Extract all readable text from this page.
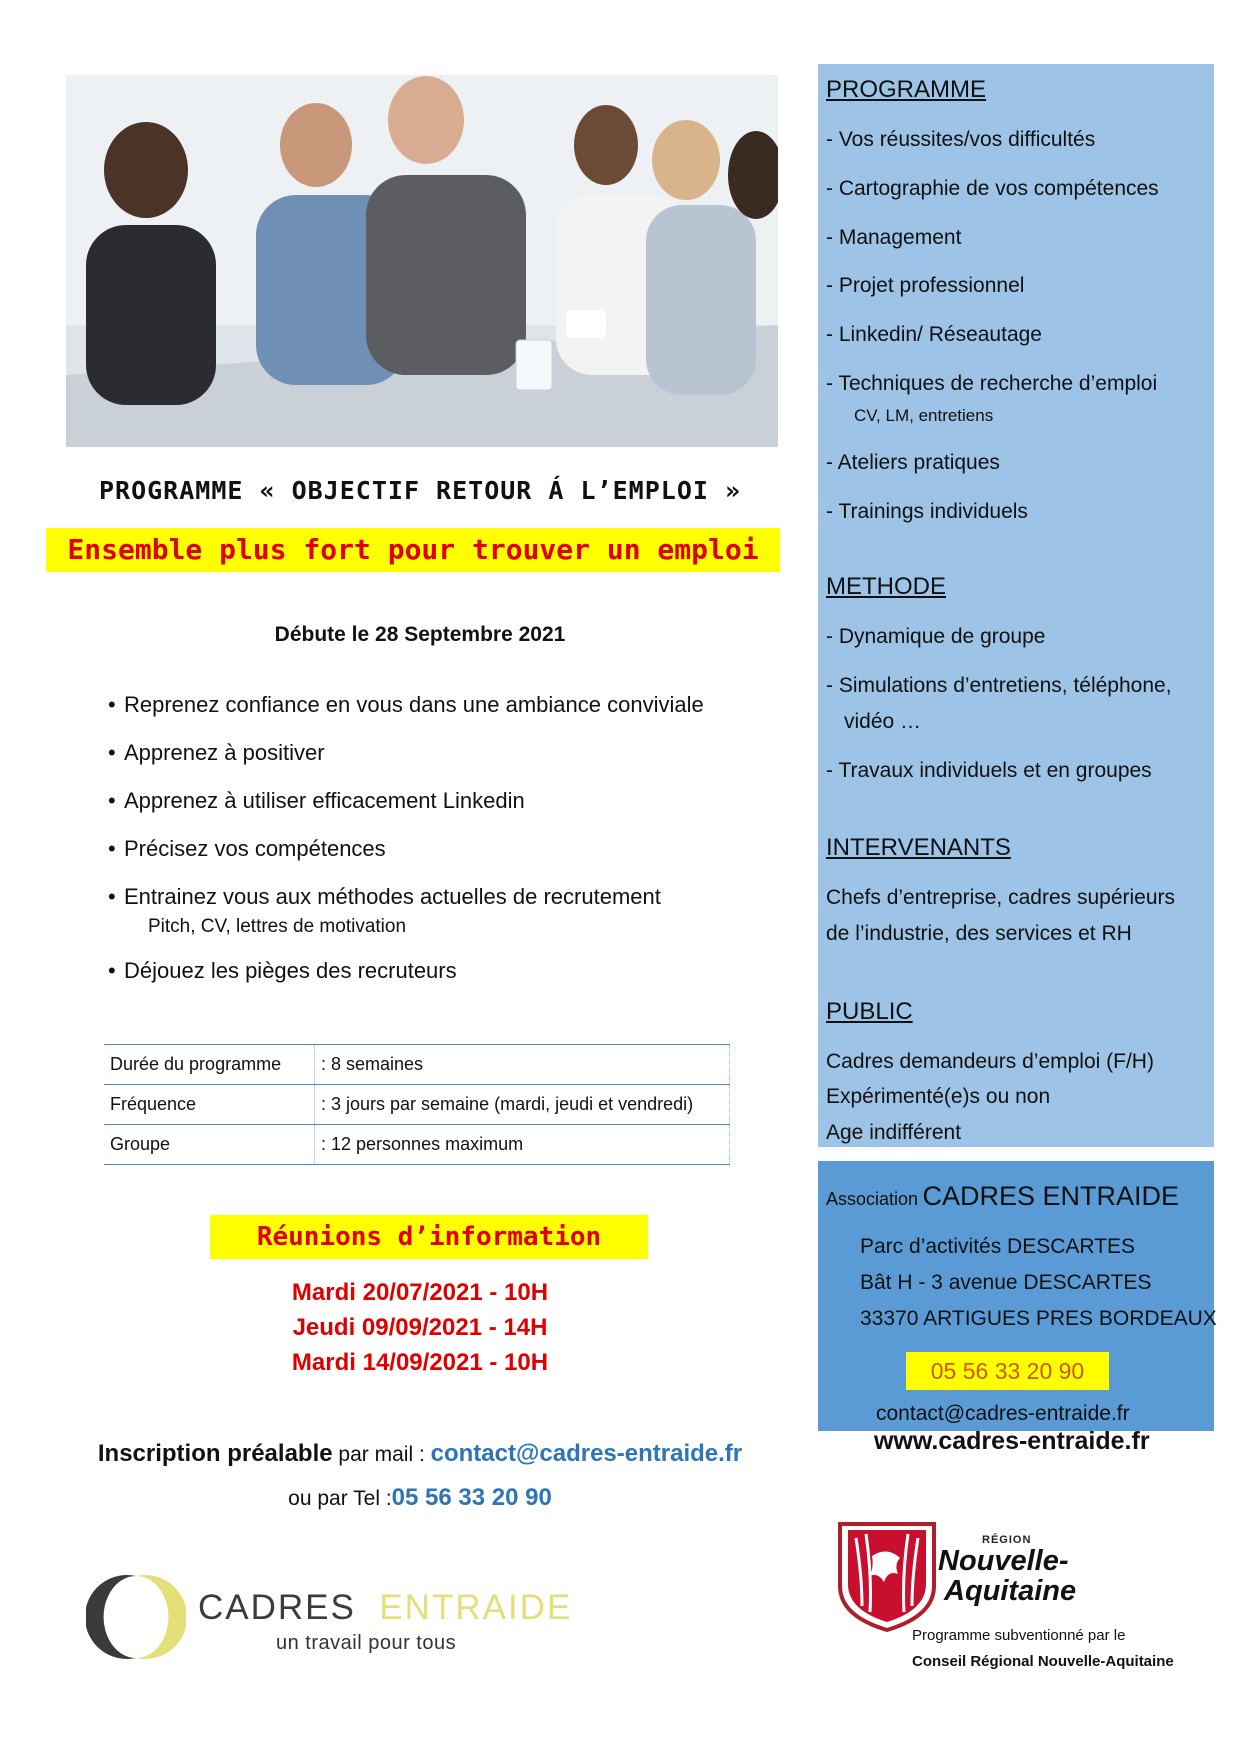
PROGRAMME « OBJECTIF RETOUR Á L’EMPLOI »
Ensemble plus fort pour trouver un emploi
Débute le 28 Septembre 2021
• Reprenez confiance en vous dans une ambiance conviviale
• Apprenez à positiver
• Apprenez à utiliser efficacement Linkedin
• Précisez vos compétences
• Entrainez vous aux méthodes actuelles de recrutement
Pitch, CV, lettres de motivation
• Déjouez les pièges des recruteurs
Durée du programme	: 8 semaines
Fréquence	: 3 jours par semaine (mardi, jeudi et vendredi)
Groupe	: 12 personnes maximum
Réunions d’information
Mardi 20/07/2021 - 10H
Jeudi 09/09/2021 - 14H
Mardi 14/09/2021 - 10H
Inscription préalable par mail : contact@cadres-entraide.fr
ou par Tel :05 56 33 20 90
CADRES ENTRAIDE
un travail pour tous
PROGRAMME
- Vos réussites/vos difficultés
- Cartographie de vos compétences
- Management
- Projet professionnel
- Linkedin/ Réseautage
- Techniques de recherche d’emploi
CV, LM, entretiens
- Ateliers pratiques
- Trainings individuels
METHODE
- Dynamique de groupe
- Simulations d’entretiens, téléphone,
vidéo …
- Travaux individuels et en groupes
INTERVENANTS
Chefs d’entreprise, cadres supérieurs
de l’industrie, des services et RH
PUBLIC
Cadres demandeurs d’emploi (F/H)
Expérimenté(e)s ou non
Age indifférent
Association CADRES ENTRAIDE
Parc d’activités DESCARTES
Bât H - 3 avenue DESCARTES
33370 ARTIGUES PRES BORDEAUX
05 56 33 20 90
contact@cadres-entraide.fr
www.cadres-entraide.fr
RÉGION
Nouvelle-
Aquitaine
Programme subventionné par le
Conseil Régional Nouvelle-Aquitaine
